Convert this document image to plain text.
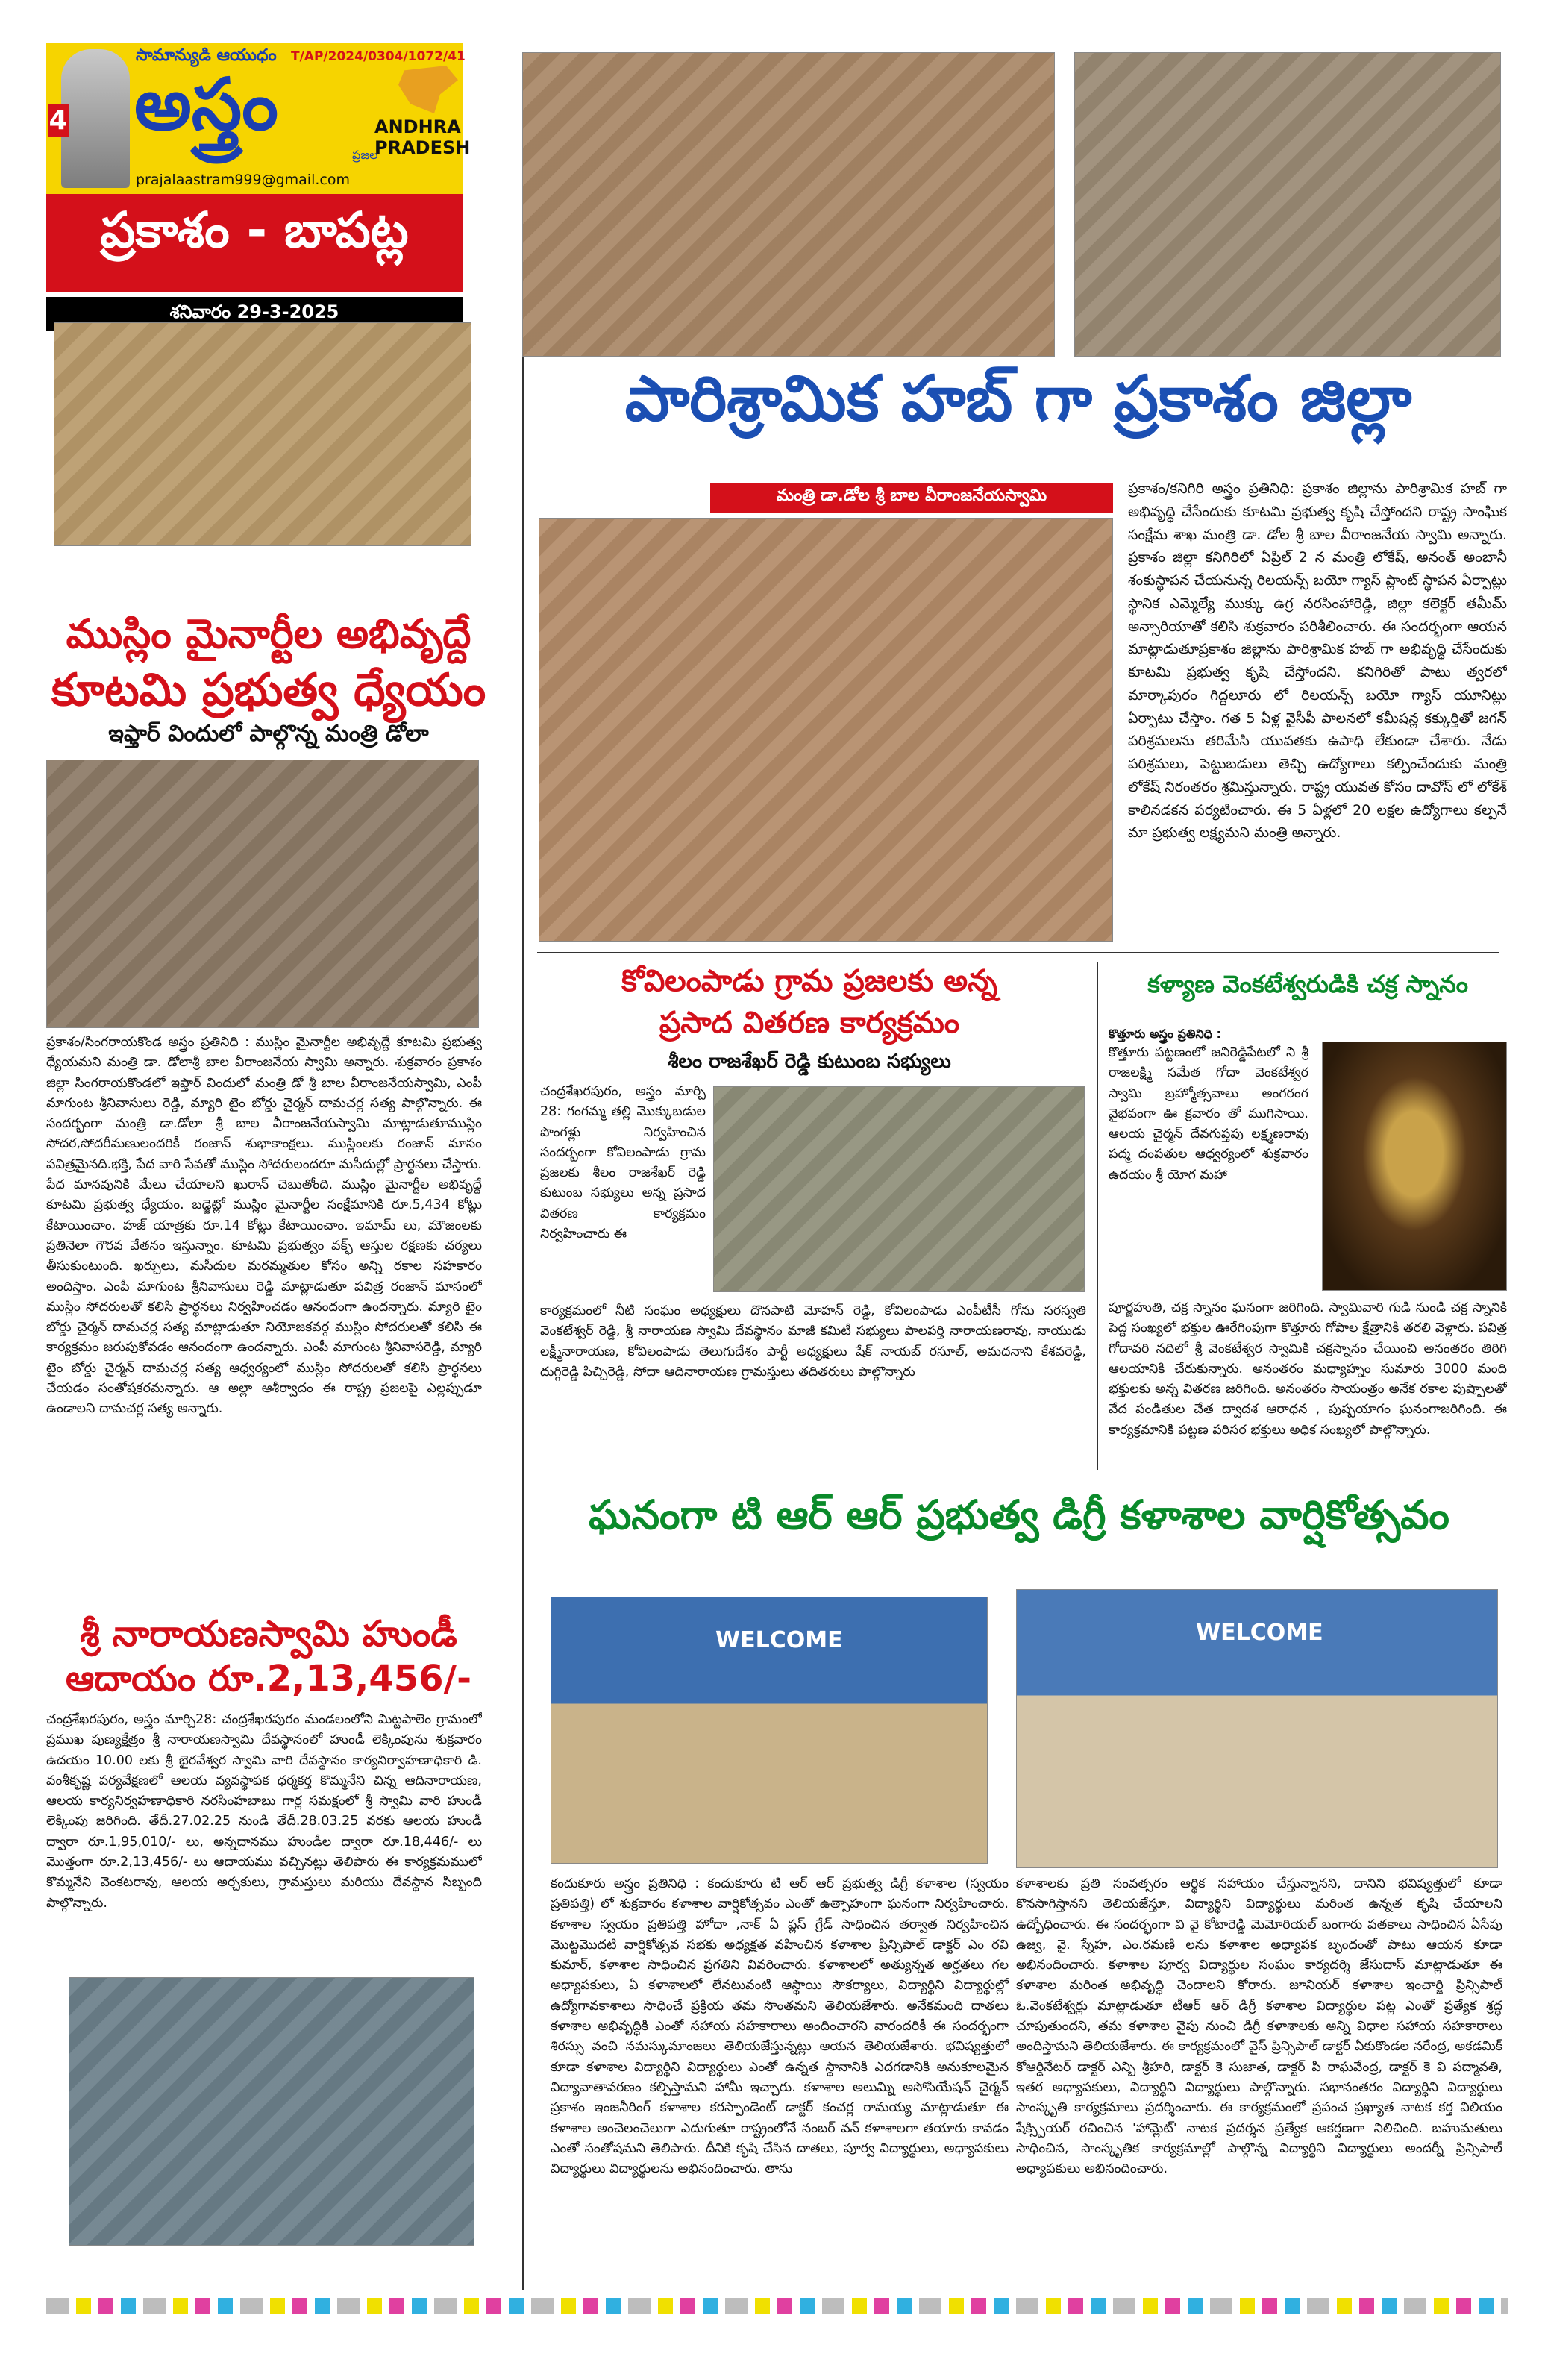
సామాన్యుడి ఆయుధం T/AP/2024/0304/1072/41
4 అస్త్రం
ప్రజల
ANDHRA
PRADESH
prajalaastram999@gmail.com
ప్రకాశం - బాపట్ల
శనివారం 29-3-2025
ముస్లిం మైనార్టీల అభివృద్దే
కూటమి ప్రభుత్వ ధ్యేయం
ఇఫ్తార్ విందులో పాల్గొన్న మంత్రి డోలా
ప్రకాశం/సింగరాయకొండ అస్త్రం ప్రతినిధి : ముస్లిం మైనార్టీల అభివృద్దే కూటమి ప్రభుత్వ ధ్యేయమని మంత్రి డా. డోలాశ్రీ బాల వీరాంజనేయ స్వామి అన్నారు. శుక్రవారం ప్రకాశం జిల్లా సింగరాయకొండలో ఇఫ్తార్ విందులో మంత్రి డో శ్రీ బాల వీరాంజనేయస్వామి, ఎంపీ మాగుంట శ్రీనివాసులు రెడ్డి, మ్యారి టైం బోర్డు చైర్మన్ దామచర్ల సత్య పాల్గొన్నారు. ఈ సందర్భంగా మంత్రి డా.డోలా శ్రీ బాల వీరాంజనేయస్వామి మాట్లాడుతూముస్లిం సోదర,సోదరీమణులందరికీ రంజాన్ శుభాకాంక్షలు. ముస్లింలకు రంజాన్ మాసం పవిత్రమైనది.భక్తి, పేద వారి సేవతో ముస్లిం సోదరులందరూ మసీదుల్లో ప్రార్థనలు చేస్తారు. పేద మానవునికి మేలు చేయాలని ఖురాన్ చెబుతోంది. ముస్లిం మైనార్టీల అభివృద్దే కూటమి ప్రభుత్వ ధ్యేయం. బడ్జెట్లో ముస్లిం మైనార్టీల సంక్షేమానికి రూ.5,434 కోట్లు కేటాయించాం. హజ్ యాత్రకు రూ.14 కోట్లు కేటాయించాం. ఇమామ్ లు, మౌజంలకు ప్రతినెలా గౌరవ వేతనం ఇస్తున్నాం. కూటమి ప్రభుత్వం వక్ఫ్ ఆస్తుల రక్షణకు చర్యలు తీసుకుంటుంది. ఖర్చులు, మసీదుల మరమ్మతుల కోసం అన్ని రకాల సహకారం అందిస్తాం. ఎంపీ మాగుంట శ్రీనివాసులు రెడ్డి మాట్లాడుతూ పవిత్ర రంజాన్ మాసంలో ముస్లిం సోదరులతో కలిసి ప్రార్థనలు నిర్వహించడం ఆనందంగా ఉందన్నారు. మ్యారి టైం బోర్డు చైర్మన్ దామచర్ల సత్య మాట్లాడుతూ నియోజకవర్గ ముస్లిం సోదరులతో కలిసి ఈ కార్యక్రమం జరుపుకోవడం ఆనందంగా ఉందన్నారు. ఎంపీ మాగుంట శ్రీనివాసరెడ్డి, మ్యారి టైం బోర్డు చైర్మన్ దామచర్ల సత్య ఆధ్వర్యంలో ముస్లిం సోదరులతో కలిసి ప్రార్థనలు చేయడం సంతోషకరమన్నారు. ఆ అల్లా ఆశీర్వాదం ఈ రాష్ట్ర ప్రజలపై ఎల్లప్పుడూ ఉండాలని దామచర్ల సత్య అన్నారు.
శ్రీ నారాయణస్వామి హుండీ
ఆదాయం రూ.2,13,456/-
చంద్రశేఖరపురం, అస్త్రం మార్చి28: చంద్రశేఖరపురం మండలంలోని మిట్టపాలెం గ్రామంలో ప్రముఖ పుణ్యక్షేత్రం శ్రీ నారాయణస్వామి దేవస్థానంలో హుండీ లెక్కింపును శుక్రవారం ఉదయం 10.00 లకు శ్రీ భైరవేశ్వర స్వామి వారి దేవస్థానం కార్యనిర్వాహణాధికారి డి. వంశీకృష్ణ పర్యవేక్షణలో ఆలయ వ్యవస్థాపక ధర్మకర్త కొమ్మనేని చిన్న ఆదినారాయణ, ఆలయ కార్యనిర్వహణాధికారి నరసింహబాబు గార్ల సమక్షంలో శ్రీ స్వామి వారి హుండీ లెక్కింపు జరిగింది. తేదీ.27.02.25 నుండి తేదీ.28.03.25 వరకు ఆలయ హుండీ ద్వారా రూ.1,95,010/- లు, అన్నదానము హుండీల ద్వారా రూ.18,446/- లు మొత్తంగా రూ.2,13,456/- లు ఆదాయము వచ్చినట్లు తెలిపారు ఈ కార్యక్రమములో కొమ్మనేని వెంకటరావు, ఆలయ అర్చకులు, గ్రామస్తులు మరియు దేవస్థాన సిబ్బంది పాల్గొన్నారు.
పారిశ్రామిక హబ్ గా ప్రకాశం జిల్లా
మంత్రి డా.డోల శ్రీ బాల వీరాంజనేయస్వామి	ప్రకాశం/కనిగిరి అస్త్రం ప్రతినిధి: ప్రకాశం జిల్లాను పారిశ్రామిక హబ్ గా అభివృద్ధి చేసేందుకు కూటమి ప్రభుత్వ కృషి చేస్తోందని రాష్ట్ర సాంఘిక సంక్షేమ శాఖ మంత్రి డా. డోల శ్రీ బాల వీరాంజనేయ స్వామి అన్నారు. ప్రకాశం జిల్లా కనిగిరిలో ఏప్రిల్ 2 న మంత్రి లోకేష్, అనంత్ అంబానీ శంకుస్థాపన చేయనున్న రిలయన్స్ బయో గ్యాస్ ప్లాంట్ స్థాపన ఏర్పాట్లు స్థానిక ఎమ్మెల్యే ముక్కు ఉగ్ర నరసింహారెడ్డి, జిల్లా కలెక్టర్ తమీమ్ అన్సారియాతో కలిసి శుక్రవారం పరిశీలించారు. ఈ సందర్భంగా ఆయన మాట్లాడుతూప్రకాశం జిల్లాను పారిశ్రామిక హబ్ గా అభివృద్ధి చేసేందుకు కూటమి ప్రభుత్వ కృషి చేస్తోందని. కనిగిరితో పాటు త్వరలో మార్కాపురం గిద్దలూరు లో రిలయన్స్ బయో గ్యాస్ యూనిట్లు ఏర్పాటు చేస్తాం. గత 5 ఏళ్ల వైసీపీ పాలనలో కమీషన్ల కక్కుర్తితో జగన్ పరిశ్రమలను తరిమేసి యువతకు ఉపాధి లేకుండా చేశారు. నేడు పరిశ్రమలు, పెట్టుబడులు తెచ్చి ఉద్యోగాలు కల్పించేందుకు మంత్రి లోకేష్ నిరంతరం శ్రమిస్తున్నారు. రాష్ట్ర యువత కోసం దావోస్ లో లోకేశ్ కాలినడకన పర్యటించారు. ఈ 5 ఏళ్లలో 20 లక్షల ఉద్యోగాలు కల్పనే మా ప్రభుత్వ లక్ష్యమని మంత్రి అన్నారు.
కోవిలంపాడు గ్రామ ప్రజలకు అన్న
ప్రసాద వితరణ కార్యక్రమం
శీలం రాజశేఖర్ రెడ్డి కుటుంబ సభ్యులు
చంద్రశేఖరపురం, అస్త్రం మార్చి 28: గంగమ్మ తల్లి మొక్కుబడుల పొంగళ్లు నిర్వహించిన సందర్భంగా కోవిలంపాడు గ్రామ ప్రజలకు శీలం రాజశేఖర్ రెడ్డి కుటుంబ సభ్యులు అన్న ప్రసాద వితరణ కార్యక్రమం నిర్వహించారు ఈ
కార్యక్రమంలో నీటి సంఘం అధ్యక్షులు దొనపాటి మోహన్ రెడ్డి, కోవిలంపాడు ఎంపీటీసీ గోను సరస్వతి వెంకటేశ్వర్ రెడ్డి, శ్రీ నారాయణ స్వామి దేవస్థానం మాజీ కమిటీ సభ్యులు పాలపర్తి నారాయణరావు, నాయుడు లక్ష్మీనారాయణ, కోవిలంపాడు తెలుగుదేశం పార్టీ అధ్యక్షులు షేక్ నాయబ్ రసూల్, అమదనాని కేశవరెడ్డి, దుగ్గిరెడ్డి పిచ్చిరెడ్డి, సోదా ఆదినారాయణ గ్రామస్తులు తదితరులు పాల్గొన్నారు
కళ్యాణ వెంకటేశ్వరుడికి చక్ర స్నానం
కొత్తూరు అస్త్రం ప్రతినిధి :
కొత్తూరు పట్టణంలో జనిరెడ్డిపేటలో ని శ్రీ రాజలక్ష్మి సమేత గోదా వెంకటేశ్వర స్వామి బ్రహ్మోత్సవాలు అంగరంగ వైభవంగా ఊ క్రవారం తో ముగిసాయి. ఆలయ చైర్మన్ దేవగుప్తపు లక్ష్మణరావు పద్మ దంపతుల ఆధ్వర్యంలో శుక్రవారం ఉదయం శ్రీ యోగ మహా
పూర్ణహుతి, చక్ర స్నానం ఘనంగా జరిగింది. స్వామివారి గుడి నుండి చక్ర స్నానికి పెద్ద సంఖ్యలో భక్తుల ఊరేగింపుగా కొత్తూరు గోపాల క్షేత్రానికి తరలి వెళ్లారు. పవిత్ర గోదావరి నదిలో శ్రీ వెంకటేశ్వర స్వామికి చక్రస్నానం చేయించి అనంతరం తిరిగి ఆలయానికి చేరుకున్నారు. అనంతరం మధ్యాహ్నం సుమారు 3000 మంది భక్తులకు అన్న వితరణ జరిగింది. అనంతరం సాయంత్రం అనేక రకాల పుష్పాలతో వేద పండితుల చేత ద్వాదశ ఆరాధన , పుష్పయాగం ఘనంగాజరిగింది. ఈ కార్యక్రమానికి పట్టణ పరిసర భక్తులు అధిక సంఖ్యలో పాల్గొన్నారు.
ఘనంగా టి ఆర్ ఆర్ ప్రభుత్వ డిగ్రీ కళాశాల వార్షికోత్సవం
WELCOME	WELCOME
కందుకూరు అస్త్రం ప్రతినిధి : కందుకూరు టి ఆర్ ఆర్ ప్రభుత్వ డిగ్రీ కళాశాల (స్వయం ప్రతిపత్తి) లో శుక్రవారం కళాశాల వార్షికోత్సవం ఎంతో ఉత్సాహంగా ఘనంగా నిర్వహించారు. కళాశాల స్వయం ప్రతిపత్తి హోదా ,నాక్ ఏ ప్లస్ గ్రేడ్ సాధించిన తర్వాత నిర్వహించిన మొట్టమొదటి వార్షికోత్సవ సభకు అధ్యక్షత వహించిన కళాశాల ప్రిన్సిపాల్ డాక్టర్ ఎం రవి కుమార్, కళాశాల సాధించిన ప్రగతిని వివరించారు. కళాశాలలో అత్యున్నత అర్హతలు గల అధ్యాపకులు, ఏ కళాశాలలో లేనటువంటి ఆస్థాయి సౌకర్యాలు, విద్యార్థిని విద్యార్థుల్లో ఉద్యోగావకాశాలు సాధించే ప్రక్రియ తమ సొంతమని తెలియజేశారు. అనేకమంది దాతలు కళాశాల అభివృద్ధికి ఎంతో సహాయ సహకారాలు అందించారని వారందరికీ ఈ సందర్భంగా శిరస్సు వంచి నమస్కుమాంజలు తెలియజేస్తున్నట్లు ఆయన తెలియజేశారు. భవిష్యత్తులో కూడా కళాశాల విద్యార్థిని విద్యార్థులు ఎంతో ఉన్నత స్థానానికి ఎదగడానికి అనుకూలమైన విద్యావాతావరణం కల్పిస్తామని హామీ ఇచ్చారు. కళాశాల అలుమ్ని అసోసియేషన్ చైర్మన్ ప్రకాశం ఇంజనీరింగ్ కళాశాల కరస్పాండెంట్ డాక్టర్ కంచర్ల రామయ్య మాట్లాడుతూ ఈ కళాశాల అంచెలంచెలుగా ఎదుగుతూ రాష్ట్రంలోనే నంబర్ వన్ కళాశాలగా తయారు కావడం ఎంతో సంతోషమని తెలిపారు. దీనికి కృషి చేసిన దాతలు, పూర్వ విద్యార్థులు, అధ్యాపకులు విద్యార్థులు విద్యార్థులను అభినందించారు. తాను
కళాశాలకు ప్రతి సంవత్సరం ఆర్థిక సహాయం చేస్తున్నానని, దానిని భవిష్యత్తులో కూడా కొనసాగిస్తానని తెలియజేస్తూ, విద్యార్థిని విద్యార్థులు మరింత ఉన్నత కృషి చేయాలని ఉద్బోధించారు. ఈ సందర్భంగా వి వై కోటారెడ్డి మెమోరియల్ బంగారు పతకాలు సాధించిన ఏసేపు ఉజ్వ, వై. స్నేహ, ఎం.రమణి లను కళాశాల అధ్యాపక బృందంతో పాటు ఆయన కూడా అభినందించారు. కళాశాల పూర్వ విద్యార్థుల సంఘం కార్యదర్శి జేసుదాస్ మాట్లాడుతూ ఈ కళాశాల మరింత అభివృద్ధి చెందాలని కోరారు. జూనియర్ కళాశాల ఇంచార్జి ప్రిన్సిపాల్ ఓ.వెంకటేశ్వర్లు మాట్లాడుతూ టీఆర్ ఆర్ డిగ్రీ కళాశాల విద్యార్థుల పట్ల ఎంతో ప్రత్యేక శ్రద్ధ చూపుతుందని, తమ కళాశాల వైపు నుంచి డిగ్రీ కళాశాలకు అన్ని విధాల సహాయ సహకారాలు అందిస్తామని తెలియజేశారు. ఈ కార్యక్రమంలో వైస్ ప్రిన్సిపాల్ డాక్టర్ ఏకుకొండల నరేంద్ర, అకడమిక్ కోఆర్డినేటర్ డాక్టర్ ఎన్బి శ్రీహరి, డాక్టర్ కె సుజాత, డాక్టర్ పి రాఘవేంద్ర, డాక్టర్ కె వి పద్మావతి, ఇతర అధ్యాపకులు, విద్యార్థిని విద్యార్థులు పాల్గొన్నారు. సభానంతరం విద్యార్థిని విద్యార్థులు సాంస్కృతి కార్యక్రమాలు ప్రదర్శించారు. ఈ కార్యక్రమంలో ప్రపంచ ప్రఖ్యాత నాటక కర్త విలియం షేక్స్పియర్ రచించిన 'హామ్లెట్' నాటక ప్రదర్శన ప్రత్యేక ఆకర్షణగా నిలిచింది. బహుమతులు సాధించిన, సాంస్కృతిక కార్యక్రమాల్లో పాల్గొన్న విద్యార్థిని విద్యార్థులు అందర్నీ ప్రిన్సిపాల్ అధ్యాపకులు అభినందించారు.
